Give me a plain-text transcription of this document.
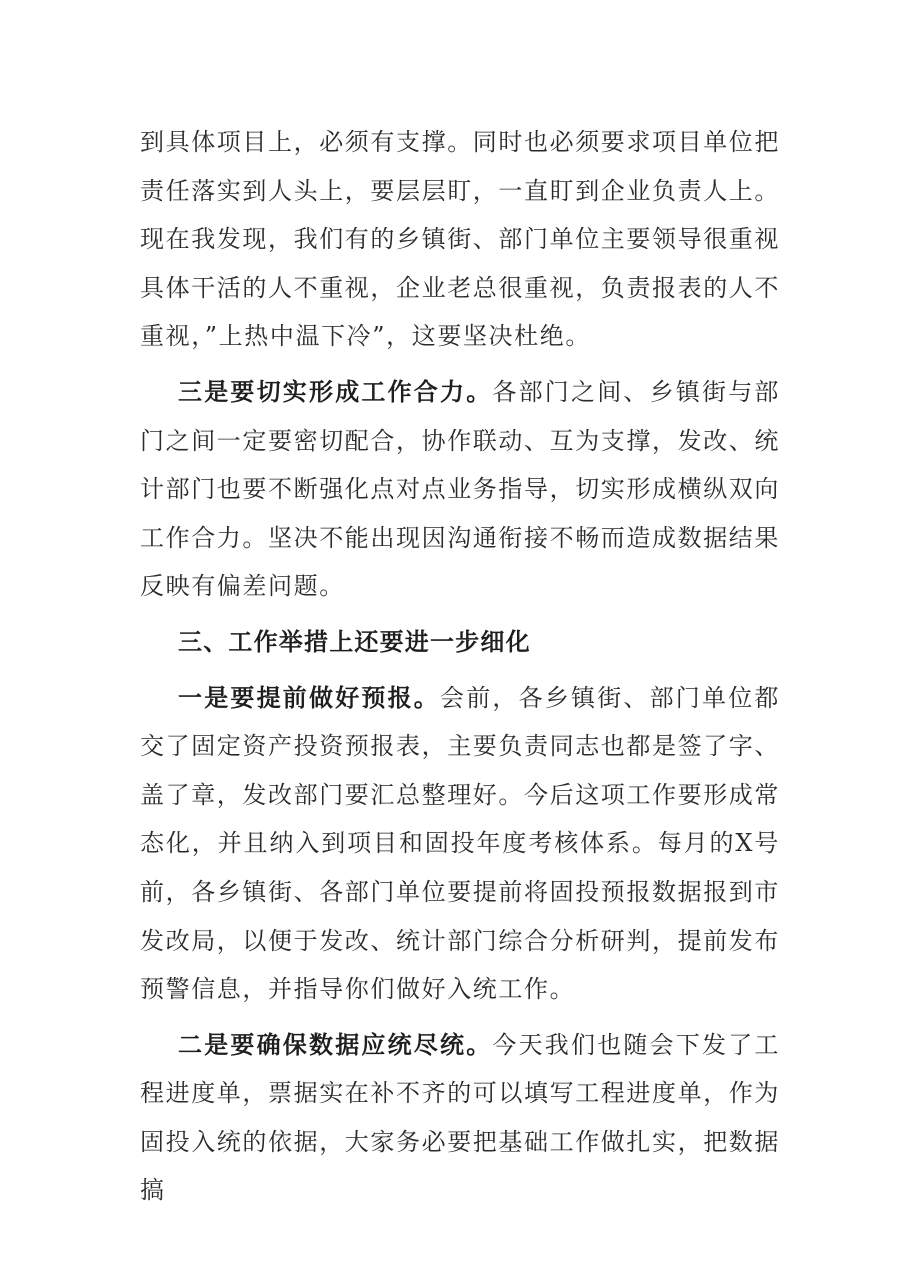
到具体项目上，必须有支撑。同时也必须要求项目单位把责任落实到人头上，要层层盯，一直盯到企业负责人上。现在我发现，我们有的乡镇街、部门单位主要领导很重视具体干活的人不重视，企业老总很重视，负责报表的人不重视，”上热中温下冷”，这要坚决杜绝。

三是要切实形成工作合力。各部门之间、乡镇街与部门之间一定要密切配合，协作联动、互为支撑，发改、统计部门也要不断强化点对点业务指导，切实形成横纵双向工作合力。坚决不能出现因沟通衔接不畅而造成数据结果反映有偏差问题。

三、工作举措上还要进一步细化

一是要提前做好预报。会前，各乡镇街、部门单位都交了固定资产投资预报表，主要负责同志也都是签了字、盖了章，发改部门要汇总整理好。今后这项工作要形成常态化，并且纳入到项目和固投年度考核体系。每月的X号前，各乡镇街、各部门单位要提前将固投预报数据报到市发改局，以便于发改、统计部门综合分析研判，提前发布预警信息，并指导你们做好入统工作。

二是要确保数据应统尽统。今天我们也随会下发了工程进度单，票据实在补不齐的可以填写工程进度单，作为固投入统的依据，大家务必要把基础工作做扎实，把数据搞
